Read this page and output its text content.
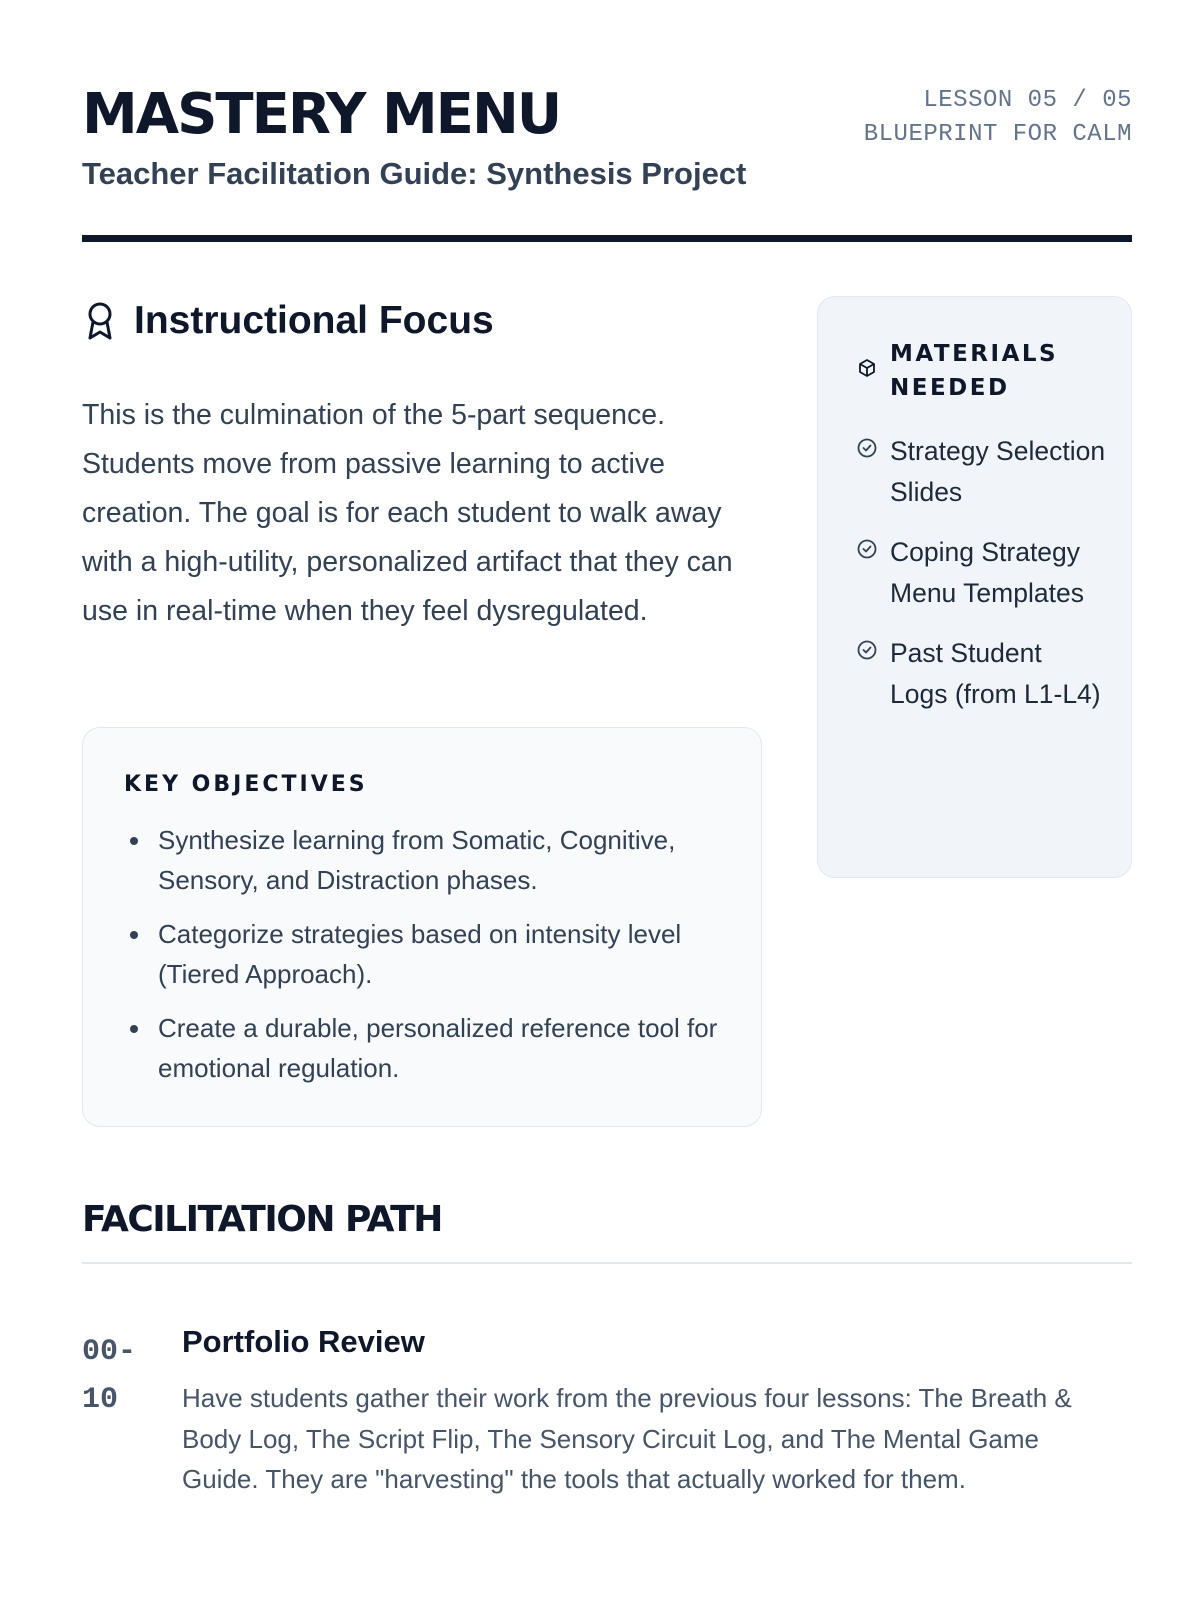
MASTERY MENU
Teacher Facilitation Guide: Synthesis Project
LESSON 05 / 05
BLUEPRINT FOR CALM
Instructional Focus

This is the culmination of the 5-part sequence. Students move from passive learning to active creation. The goal is for each student to walk away with a high-utility, personalized artifact that they can use in real-time when they feel dysregulated.

KEY OBJECTIVES
Synthesize learning from Somatic, Cognitive, Sensory, and Distraction phases.
Categorize strategies based on intensity level (Tiered Approach).
Create a durable, personalized reference tool for emotional regulation.
MATERIALS
NEEDED
Strategy Selection Slides
Coping Strategy Menu Templates
Past Student Logs (from L1-L4)
FACILITATION PATH
00-10
Portfolio Review

Have students gather their work from the previous four lessons: The Breath & Body Log, The Script Flip, The Sensory Circuit Log, and The Mental Game Guide. They are "harvesting" the tools that actually worked for them.
